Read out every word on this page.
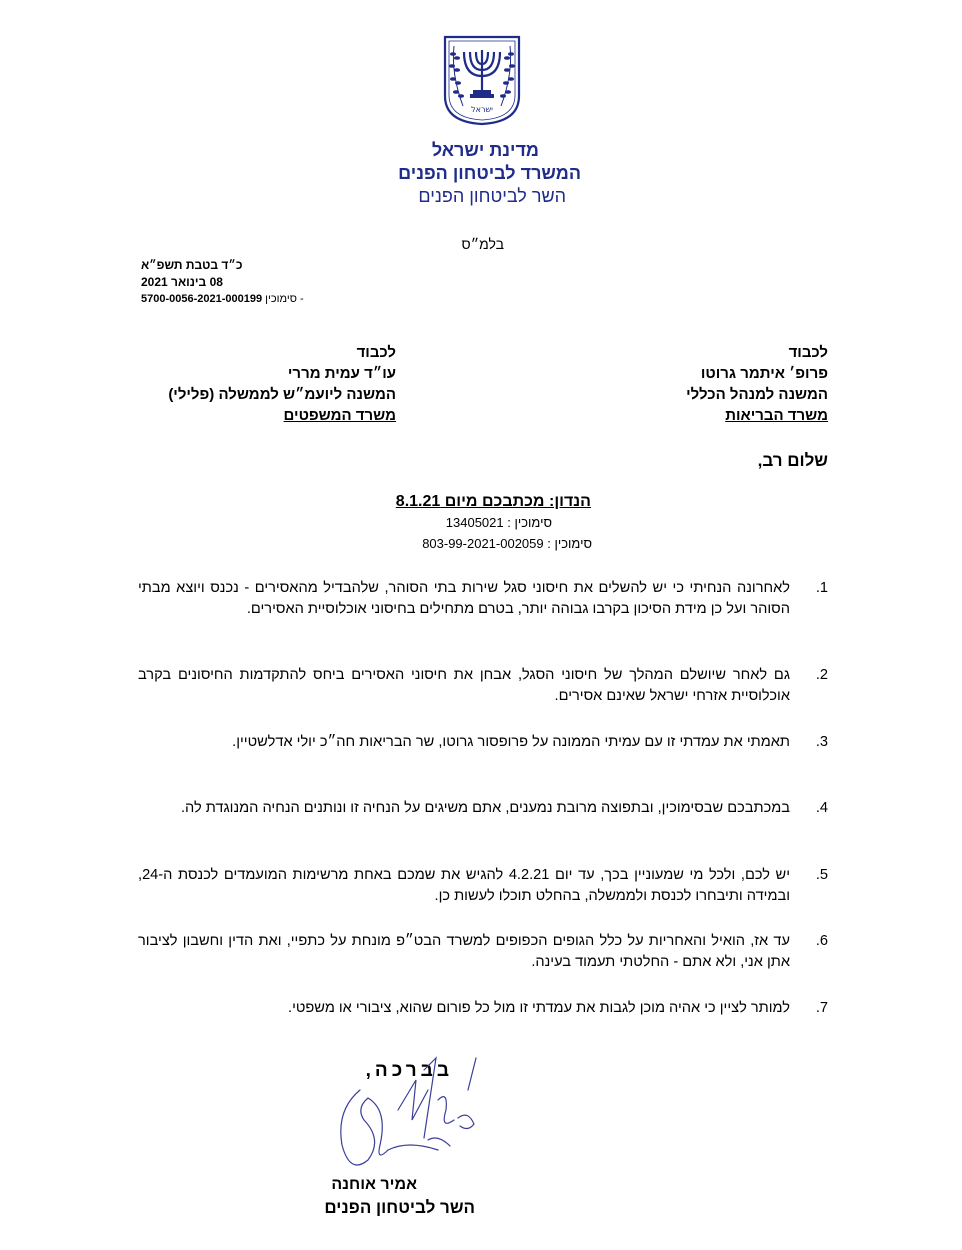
ישראל
מדינת ישראל
המשרד לביטחון הפנים
השר לביטחון הפנים
בלמ״ס
כ״ד בטבת תשפ״א
08 בינואר 2021
5700-0056-2021-000199 סימוכין -
לכבוד
פרופ׳ איתמר גרוטו
המשנה למנהל הכללי
משרד הבריאות
לכבוד
עו״ד עמית מררי
המשנה ליועמ״ש לממשלה (פלילי)
משרד המשפטים
שלום רב,
הנדון: מכתבכם מיום 8.1.21
סימוכין : 13405021
סימוכין : 803-99-2021-002059
1.
לאחרונה הנחיתי כי יש להשלים את חיסוני סגל שירות בתי הסוהר, שלהבדיל מהאסירים - נכנס ויוצא מבתי הסוהר ועל כן מידת הסיכון בקרבו גבוהה יותר, בטרם מתחילים בחיסוני אוכלוסיית האסירים.
2.
גם לאחר שיושלם המהלך של חיסוני הסגל, אבחן את חיסוני האסירים ביחס להתקדמות החיסונים בקרב אוכלוסיית אזרחי ישראל שאינם אסירים.
3.
תאמתי את עמדתי זו עם עמיתי הממונה על פרופסור גרוטו, שר הבריאות חה״כ יולי אדלשטיין.
4.
במכתבכם שבסימוכין, ובתפוצה מרובת נמענים, אתם משיגים על הנחיה זו ונותנים הנחיה המנוגדת לה.
5.
יש לכם, ולכל מי שמעוניין בכך, עד יום 4.2.21 להגיש את שמכם באחת מרשימות המועמדים לכנסת ה-24, ובמידה ותיבחרו לכנסת ולממשלה, בהחלט תוכלו לעשות כן.
6.
עד אז, הואיל והאחריות על כלל הגופים הכפופים למשרד הבט״פ מונחת על כתפיי, ואת הדין וחשבון לציבור אתן אני, ולא אתם - החלטתי תעמוד בעינה.
7.
למותר לציין כי אהיה מוכן לגבות את עמדתי זו מול כל פורום שהוא, ציבורי או משפטי.
בברכה,
אמיר אוחנה
השר לביטחון הפנים
